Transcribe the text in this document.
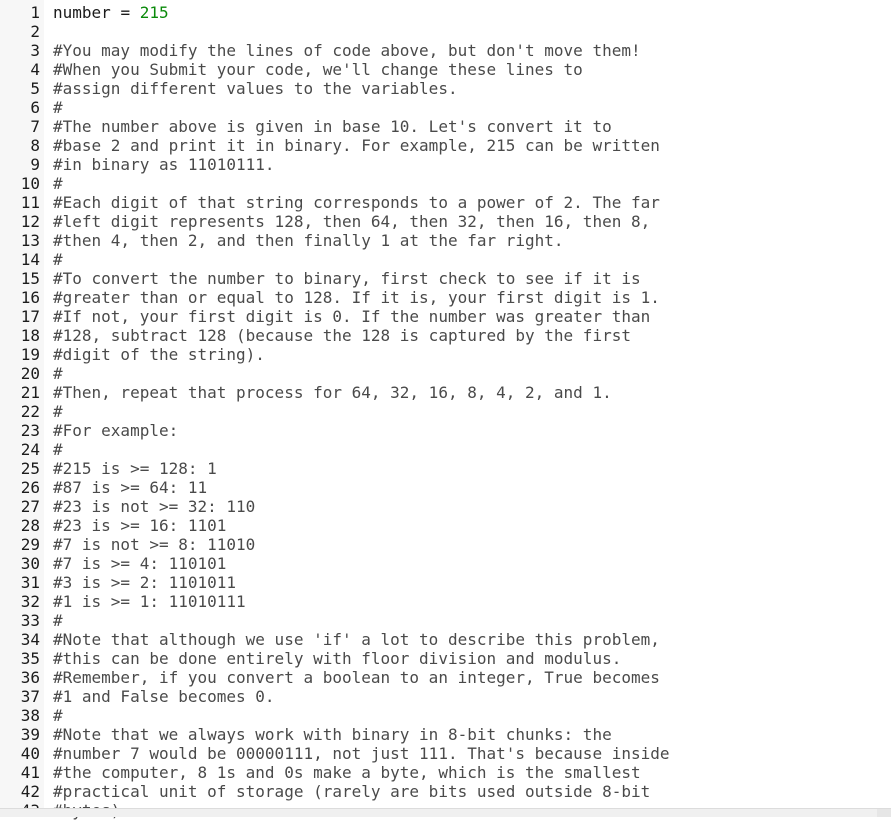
1 number = 215
2
3 #You may modify the lines of code above, but don't move them!
4 #When you Submit your code, we'll change these lines to
5 #assign different values to the variables.
6 #
7 #The number above is given in base 10. Let's convert it to
8 #base 2 and print it in binary. For example, 215 can be written
9 #in binary as 11010111.
10 #
11 #Each digit of that string corresponds to a power of 2. The far
12 #left digit represents 128, then 64, then 32, then 16, then 8,
13 #then 4, then 2, and then finally 1 at the far right.
14 #
15 #To convert the number to binary, first check to see if it is
16 #greater than or equal to 128. If it is, your first digit is 1.
17 #If not, your first digit is 0. If the number was greater than
18 #128, subtract 128 (because the 128 is captured by the first
19 #digit of the string).
20 #
21 #Then, repeat that process for 64, 32, 16, 8, 4, 2, and 1.
22 #
23 #For example:
24 #
25 #215 is >= 128: 1
26 #87 is >= 64: 11
27 #23 is not >= 32: 110
28 #23 is >= 16: 1101
29 #7 is not >= 8: 11010
30 #7 is >= 4: 110101
31 #3 is >= 2: 1101011
32 #1 is >= 1: 11010111
33 #
34 #Note that although we use 'if' a lot to describe this problem,
35 #this can be done entirely with floor division and modulus.
36 #Remember, if you convert a boolean to an integer, True becomes
37 #1 and False becomes 0.
38 #
39 #Note that we always work with binary in 8-bit chunks: the
40 #number 7 would be 00000111, not just 111. That's because inside
41 #the computer, 8 1s and 0s make a byte, which is the smallest
42 #practical unit of storage (rarely are bits used outside 8-bit
